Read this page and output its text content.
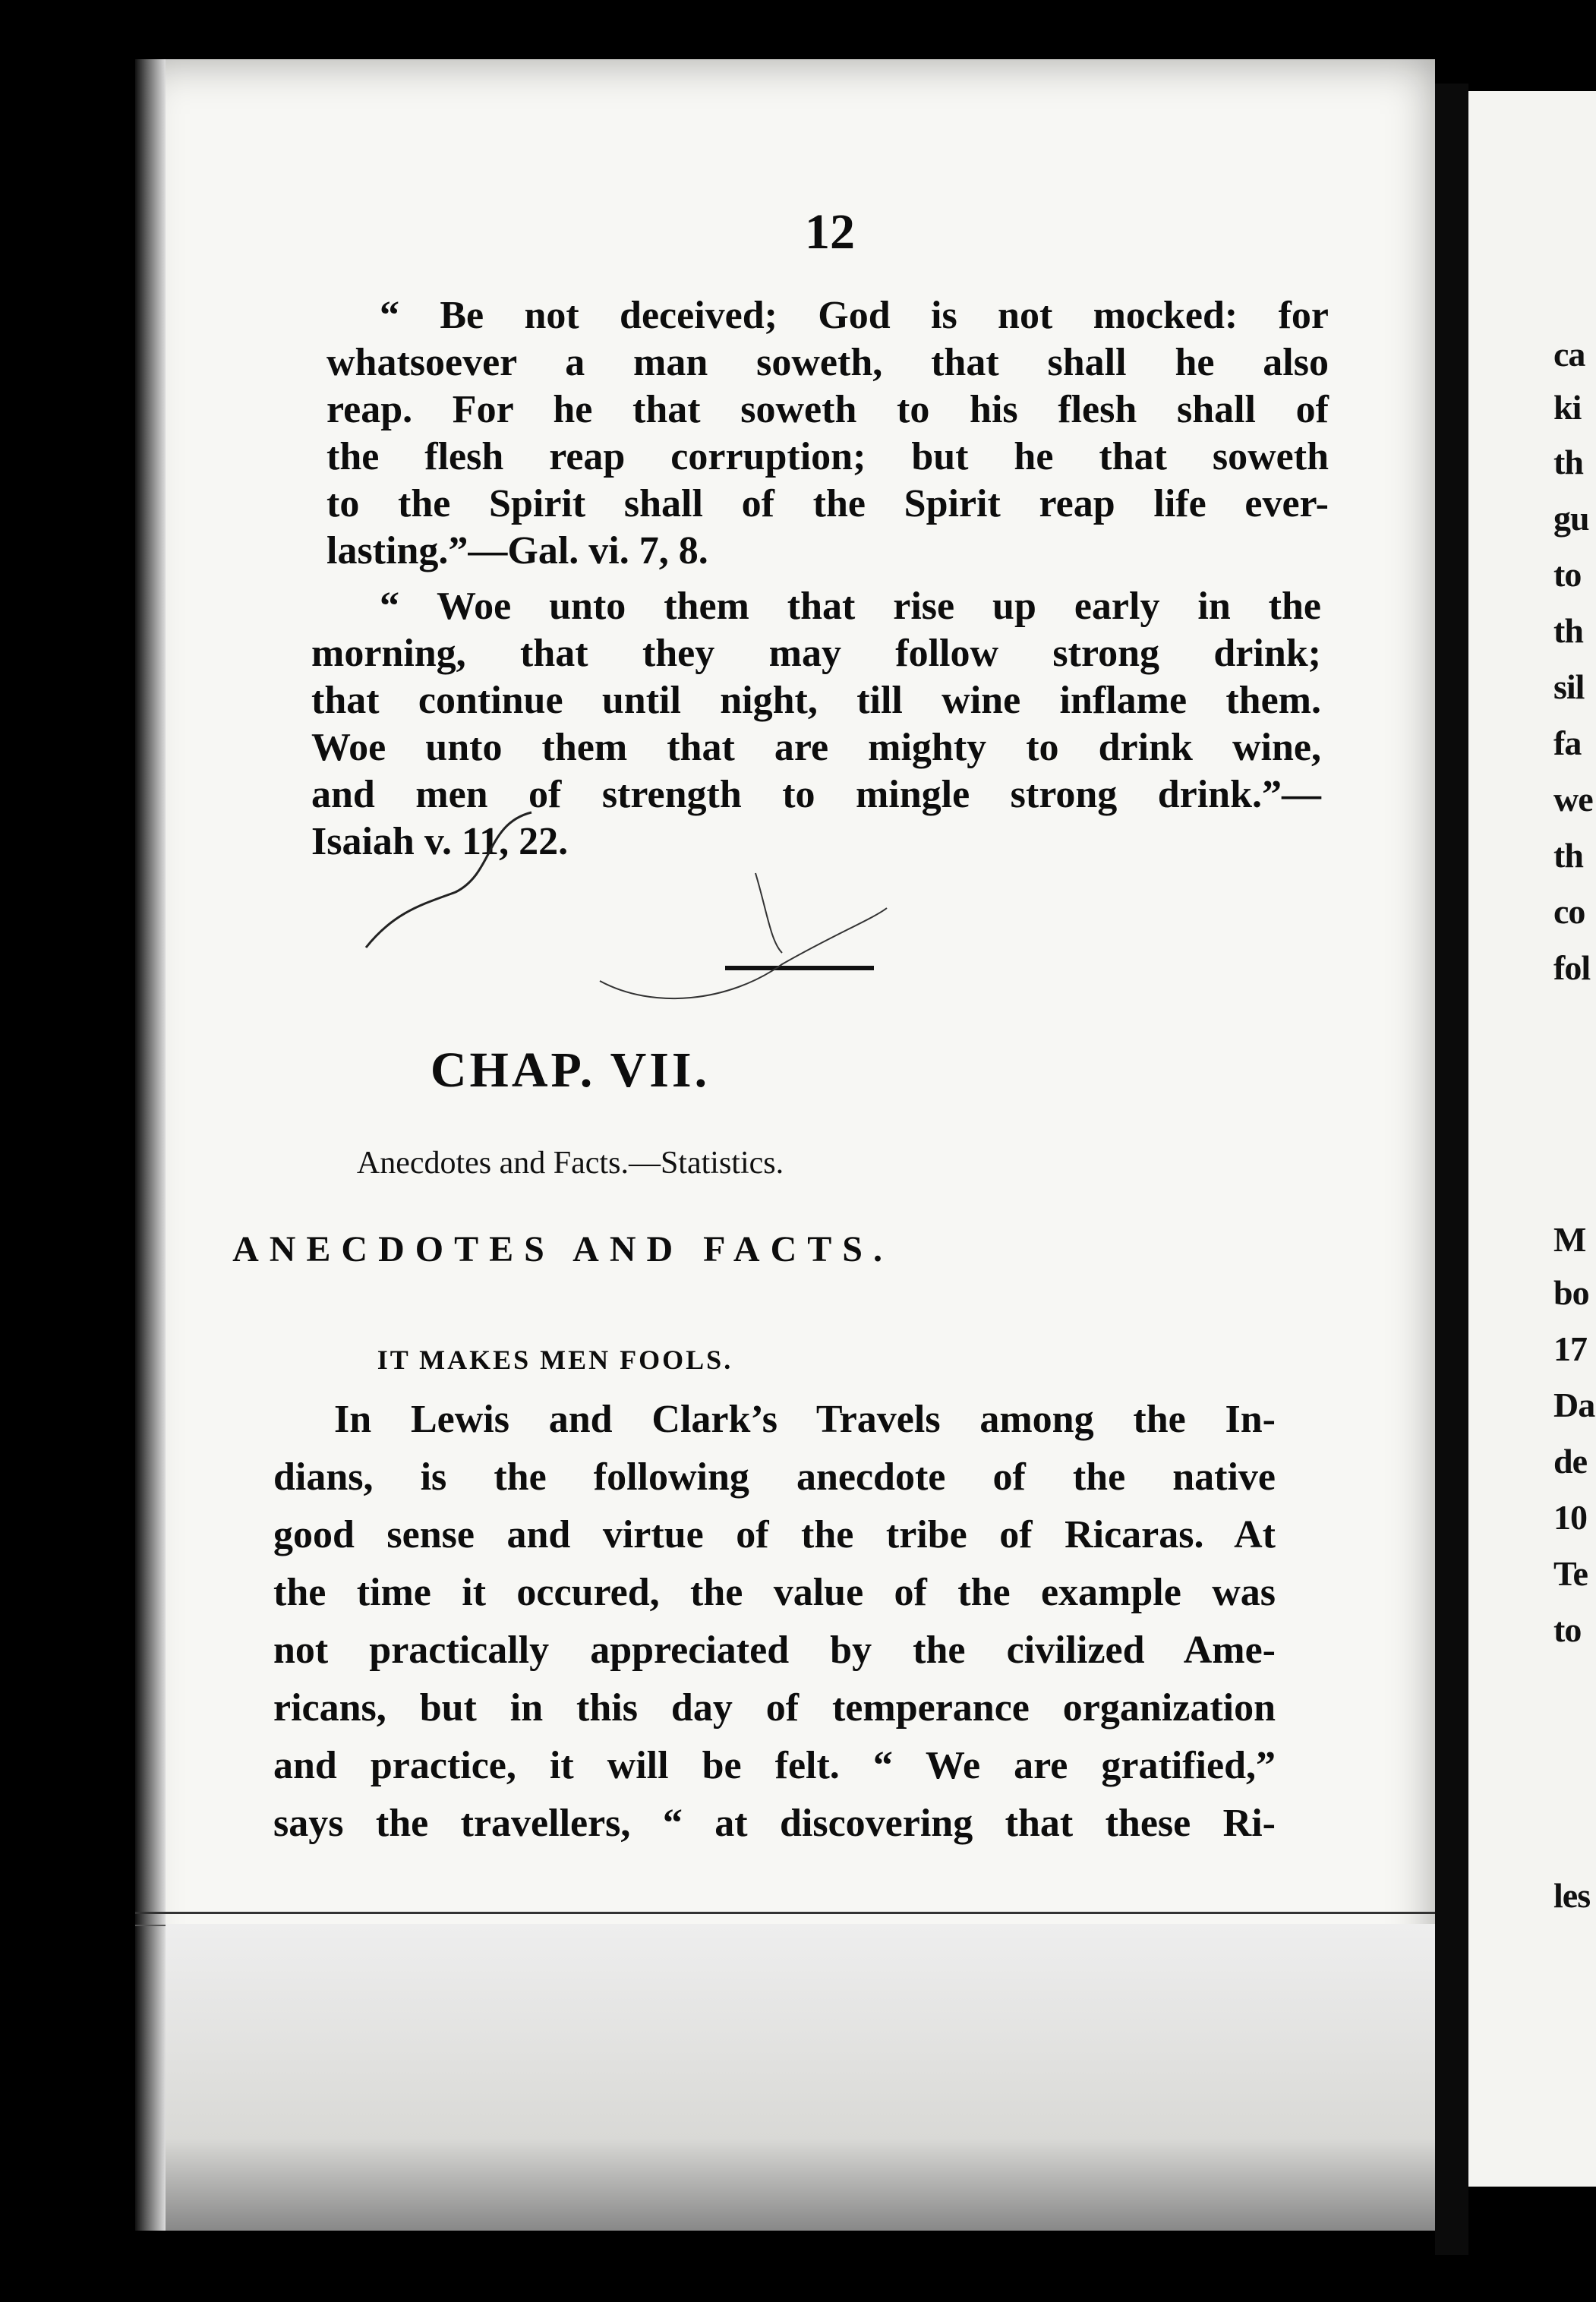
ca
ki
th
gu
to
th
sil
fa
we
th
co
fol
M
bo
17
Da
de
10
Te
to
les
12
“ Be not deceived; God is not mocked: for
whatsoever a man soweth, that shall he also
reap. For he that soweth to his flesh shall of
the flesh reap corruption; but he that soweth
to the Spirit shall of the Spirit reap life ever-
lasting.”—Gal. vi. 7, 8.
“ Woe unto them that rise up early in the
morning, that they may follow strong drink;
that continue until night, till wine inflame them.
Woe unto them that are mighty to drink wine,
and men of strength to mingle strong drink.”—
Isaiah v. 11, 22.
CHAP. VII.
Anecdotes and Facts.—Statistics.
ANECDOTES AND FACTS.
IT MAKES MEN FOOLS.
In Lewis and Clark’s Travels among the In-
dians, is the following anecdote of the native
good sense and virtue of the tribe of Ricaras. At
the time it occured, the value of the example was
not practically appreciated by the civilized Ame-
ricans, but in this day of temperance organization
and practice, it will be felt. “ We are gratified,”
says the travellers, “ at discovering that these Ri-
